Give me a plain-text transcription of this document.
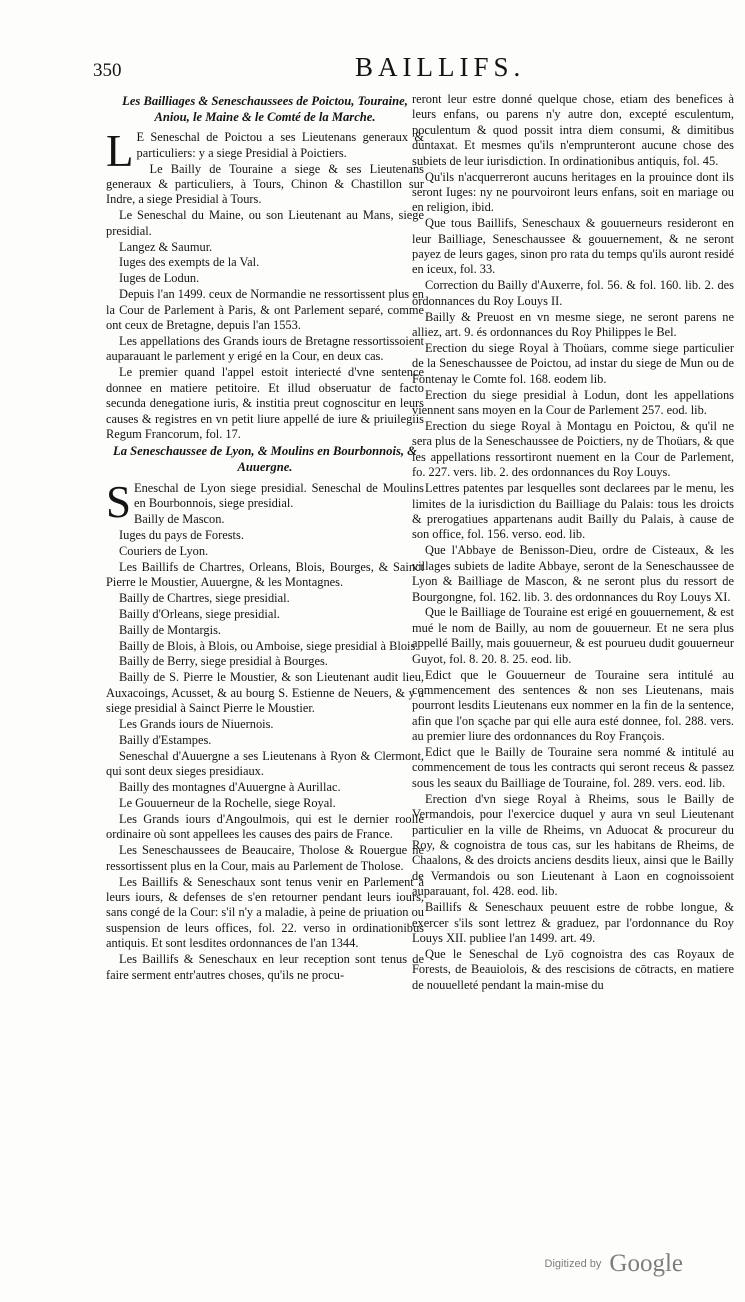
350	BAILLIFS.
Les Bailliages & Seneschaussees de Poictou, Touraine, Aniou, le Maine & le Comté de la Marche.
L E Seneschal de Poictou a ses Lieutenans generaux & particuliers: y a siege Presidial à Poictiers.
Le Bailly de Touraine a siege & ses Lieutenans generaux & particuliers, à Tours, Chinon & Chastillon sur Indre, a siege Presidial à Tours.
Le Seneschal du Maine, ou son Lieutenant au Mans, siege presidial.
Langez & Saumur.
Iuges des exempts de la Val.
Iuges de Lodun.
Depuis l'an 1499. ceux de Normandie ne ressortissent plus en la Cour de Parlement à Paris, & ont Parlement separé, comme ont ceux de Bretagne, depuis l'an 1553.
Les appellations des Grands iours de Bretagne ressortissoient auparauant le parlement y erigé en la Cour, en deux cas.
Le premier quand l'appel estoit interiecté d'vne sentence donnee en matiere petitoire. Et illud obseruatur de facto secunda denegatione iuris, & institia preut cognoscitur en leurs causes & registres en vn petit liure appellé de iure & priuilegiis Regum Francorum, fol. 17.
La Seneschaussee de Lyon, & Moulins en Bourbonnois, & Auuergne.
S Eneschal de Lyon siege presidial. Seneschal de Moulins en Bourbonnois, siege presidial.
Bailly de Mascon.
Iuges du pays de Forests.
Couriers de Lyon.
Les Baillifs de Chartres, Orleans, Blois, Bourges, & Sainct Pierre le Moustier, Auuergne, & les Montagnes.
Bailly de Chartres, siege presidial.
Bailly d'Orleans, siege presidial.
Bailly de Montargis.
Bailly de Blois, à Blois, ou Amboise, siege presidial à Blois.
Bailly de Berry, siege presidial à Bourges.
Bailly de S. Pierre le Moustier, & son Lieutenant audit lieu, Auxacoings, Acusset, & au bourg S. Estienne de Neuers, & y a siege presidial à Sainct Pierre le Moustier.
Les Grands iours de Niuernois.
Bailly d'Estampes.
Seneschal d'Auuergne a ses Lieutenans à Ryon & Clermont, qui sont deux sieges presidiaux.
Bailly des montagnes d'Auuergne à Aurillac.
Le Gouuerneur de la Rochelle, siege Royal.
Les Grands iours d'Angoulmois, qui est le dernier roolle ordinaire où sont appellees les causes des pairs de France.
Les Seneschaussees de Beaucaire, Tholose & Rouergue ne ressortissent plus en la Cour, mais au Parlement de Tholose.
Les Baillifs & Seneschaux sont tenus venir en Parlement à leurs iours, & defenses de s'en retourner pendant leurs iours, sans congé de la Cour: s'il n'y a maladie, à peine de priuation ou suspension de leurs offices, fol. 22. verso in ordinationibus antiquis. Et sont lesdites ordonnances de l'an 1344.
Les Baillifs & Seneschaux en leur reception sont tenus de faire serment entr'autres choses, qu'ils ne procu-
reront leur estre donné quelque chose, etiam des benefices à leurs enfans, ou parens n'y autre don, excepté esculentum, poculentum & quod possit intra diem consumi, & dimitibus duntaxat. Et mesmes qu'ils n'emprunteront aucune chose des subiets de leur iurisdiction. In ordinationibus antiquis, fol. 45.
Qu'ils n'acquerreront aucuns heritages en la prouince dont ils seront Iuges: ny ne pourvoiront leurs enfans, soit en mariage ou en religion, ibid.
Que tous Baillifs, Seneschaux & gouuerneurs resideront en leur Bailliage, Seneschaussee & gouuernement, & ne seront payez de leurs gages, sinon pro rata du temps qu'ils auront residé en iceux, fol. 33.
Correction du Bailly d'Auxerre, fol. 56. & fol. 160. lib. 2. des ordonnances du Roy Louys II.
Bailly & Preuost en vn mesme siege, ne seront parens ne alliez, art. 9. és ordonnances du Roy Philippes le Bel.
Erection du siege Royal à Thoüars, comme siege particulier de la Seneschaussee de Poictou, ad instar du siege de Mun ou de Fontenay le Comte fol. 168. eodem lib.
Erection du siege presidial à Lodun, dont les appellations viennent sans moyen en la Cour de Parlement 257. eod. lib.
Erection du siege Royal à Montagu en Poictou, & qu'il ne sera plus de la Seneschaussee de Poictiers, ny de Thoüars, & que les appellations ressortiront nuement en la Cour de Parlement, fo. 227. vers. lib. 2. des ordonnances du Roy Louys.
Lettres patentes par lesquelles sont declarees par le menu, les limites de la iurisdiction du Bailliage du Palais: tous les droicts & prerogatiues appartenans audit Bailly du Palais, à cause de son office, fol. 156. verso. eod. lib.
Que l'Abbaye de Benisson-Dieu, ordre de Cisteaux, & les villages subiets de ladite Abbaye, seront de la Seneschaussee de Lyon & Bailliage de Mascon, & ne seront plus du ressort de Bourgongne, fol. 162. lib. 3. des ordonnances du Roy Louys XI.
Que le Bailliage de Touraine est erigé en gouuernement, & est mué le nom de Bailly, au nom de gouuerneur. Et ne sera plus appellé Bailly, mais gouuerneur, & est pourueu dudit gouuerneur Guyot, fol. 8. 20. 8. 25. eod. lib.
Edict que le Gouuerneur de Touraine sera intitulé au commencement des sentences & non ses Lieutenans, mais pourront lesdits Lieutenans eux nommer en la fin de la sentence, afin que l'on sçache par qui elle aura esté donnee, fol. 288. vers. au premier liure des ordonnances du Roy François.
Edict que le Bailly de Touraine sera nommé & intitulé au commencement de tous les contracts qui seront receus & passez sous les seaux du Bailliage de Touraine, fol. 289. vers. eod. lib.
Erection d'vn siege Royal à Rheims, sous le Bailly de Vermandois, pour l'exercice duquel y aura vn seul Lieutenant particulier en la ville de Rheims, vn Aduocat & procureur du Roy, & cognoistra de tous cas, sur les habitans de Rheims, de Chaalons, & des droicts anciens desdits lieux, ainsi que le Bailly de Vermandois ou son Lieutenant à Laon en cognoissoient auparauant, fol. 428. eod. lib.
Baillifs & Seneschaux peuuent estre de robbe longue, & exercer s'ils sont lettrez & graduez, par l'ordonnance du Roy Louys XII. publiee l'an 1499. art. 49.
Que le Seneschal de Lyō cognoistra des cas Royaux de Forests, de Beauiolois, & des rescisions de cōtracts, en matiere de nouuelleté pendant la main-mise du
Digitized by Google
